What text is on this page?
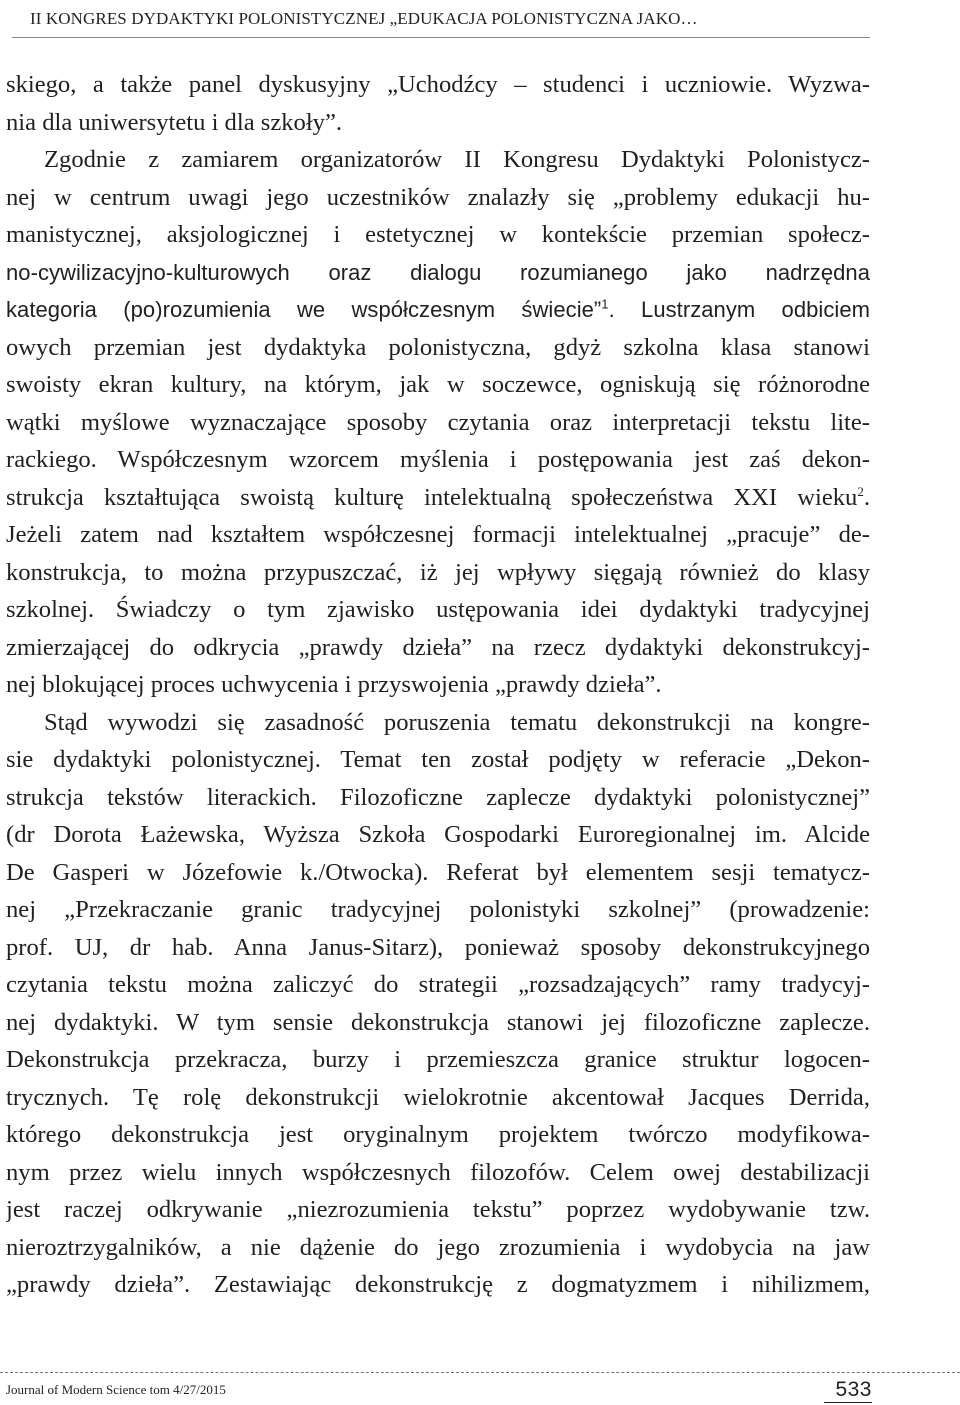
II KONGRES DYDAKTYKI POLONISTYCZNEJ „EDUKACJA POLONISTYCZNA JAKO…
skiego, a także panel dyskusyjny „Uchodźcy – studenci i uczniowie. Wyzwa-
nia dla uniwersytetu i dla szkoły”.
Zgodnie z zamiarem organizatorów II Kongresu Dydaktyki Polonistycz-
nej w centrum uwagi jego uczestników znalazły się „problemy edukacji hu-
manistycznej, aksjologicznej i estetycznej w kontekście przemian społecz-
no-cywilizacyjno-kulturowych oraz dialogu rozumianego jako nadrzędna
kategoria (po)rozumienia we współczesnym świecie”$^1$. Lustrzanym odbiciem
owych przemian jest dydaktyka polonistyczna, gdyż szkolna klasa stanowi
swoisty ekran kultury, na którym, jak w soczewce, ogniskują się różnorodne
wątki myślowe wyznaczające sposoby czytania oraz interpretacji tekstu lite-
rackiego. Współczesnym wzorcem myślenia i postępowania jest zaś dekon-
strukcja kształtująca swoistą kulturę intelektualną społeczeństwa XXI wieku$^2$.
Jeżeli zatem nad kształtem współczesnej formacji intelektualnej „pracuje” de-
konstrukcja, to można przypuszczać, iż jej wpływy sięgają również do klasy
szkolnej. Świadczy o tym zjawisko ustępowania idei dydaktyki tradycyjnej
zmierzającej do odkrycia „prawdy dzieła” na rzecz dydaktyki dekonstrukcyj-
nej blokującej proces uchwycenia i przyswojenia „prawdy dzieła”.
Stąd wywodzi się zasadność poruszenia tematu dekonstrukcji na kongre-
sie dydaktyki polonistycznej. Temat ten został podjęty w referacie „Dekon-
strukcja tekstów literackich. Filozoficzne zaplecze dydaktyki polonistycznej”
(dr Dorota Łażewska, Wyższa Szkoła Gospodarki Euroregionalnej im. Alcide
De Gasperi w Józefowie k./Otwocka). Referat był elementem sesji tematycz-
nej „Przekraczanie granic tradycyjnej polonistyki szkolnej” (prowadzenie:
prof. UJ, dr hab. Anna Janus-Sitarz), ponieważ sposoby dekonstrukcyjnego
czytania tekstu można zaliczyć do strategii „rozsadzających” ramy tradycyj-
nej dydaktyki. W tym sensie dekonstrukcja stanowi jej filozoficzne zaplecze.
Dekonstrukcja przekracza, burzy i przemieszcza granice struktur logocen-
trycznych. Tę rolę dekonstrukcji wielokrotnie akcentował Jacques Derrida,
którego dekonstrukcja jest oryginalnym projektem twórczo modyfikowa-
nym przez wielu innych współczesnych filozofów. Celem owej destabilizacji
jest raczej odkrywanie „niezrozumienia tekstu” poprzez wydobywanie tzw.
nieroztrzygalników, a nie dążenie do jego zrozumienia i wydobycia na jaw
„prawdy dzieła”. Zestawiając dekonstrukcję z dogmatyzmem i nihilizmem,
Journal of Modern Science tom 4/27/2015	533
